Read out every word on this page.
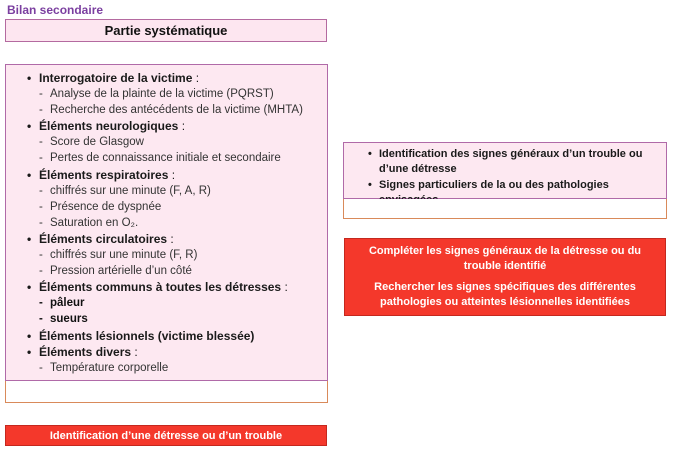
Bilan secondaire
Partie systématique
• Interrogatoire de la victime :
- Analyse de la plainte de la victime (PQRST)
- Recherche des antécédents de la victime (MHTA)
• Éléments neurologiques :
- Score de Glasgow
- Pertes de connaissance initiale et secondaire
• Éléments respiratoires :
- chiffrés sur une minute (F, A, R)
- Présence de dyspnée
- Saturation en O₂.
• Éléments circulatoires :
- chiffrés sur une minute (F, R)
- Pression artérielle d’un côté
• Éléments communs à toutes les détresses :
- pâleur
- sueurs
• Éléments lésionnels (victime blessée)
• Éléments divers :
- Température corporelle
• Identification des signes généraux d’un trouble ou d’une détresse
• Signes particuliers de la ou des pathologies

Compléter les signes généraux de la détresse ou du trouble identifié

Rechercher les signes spécifiques des différentes pathologies ou atteintes lésionnelles identifiées

Identification d’une détresse ou d’un trouble
